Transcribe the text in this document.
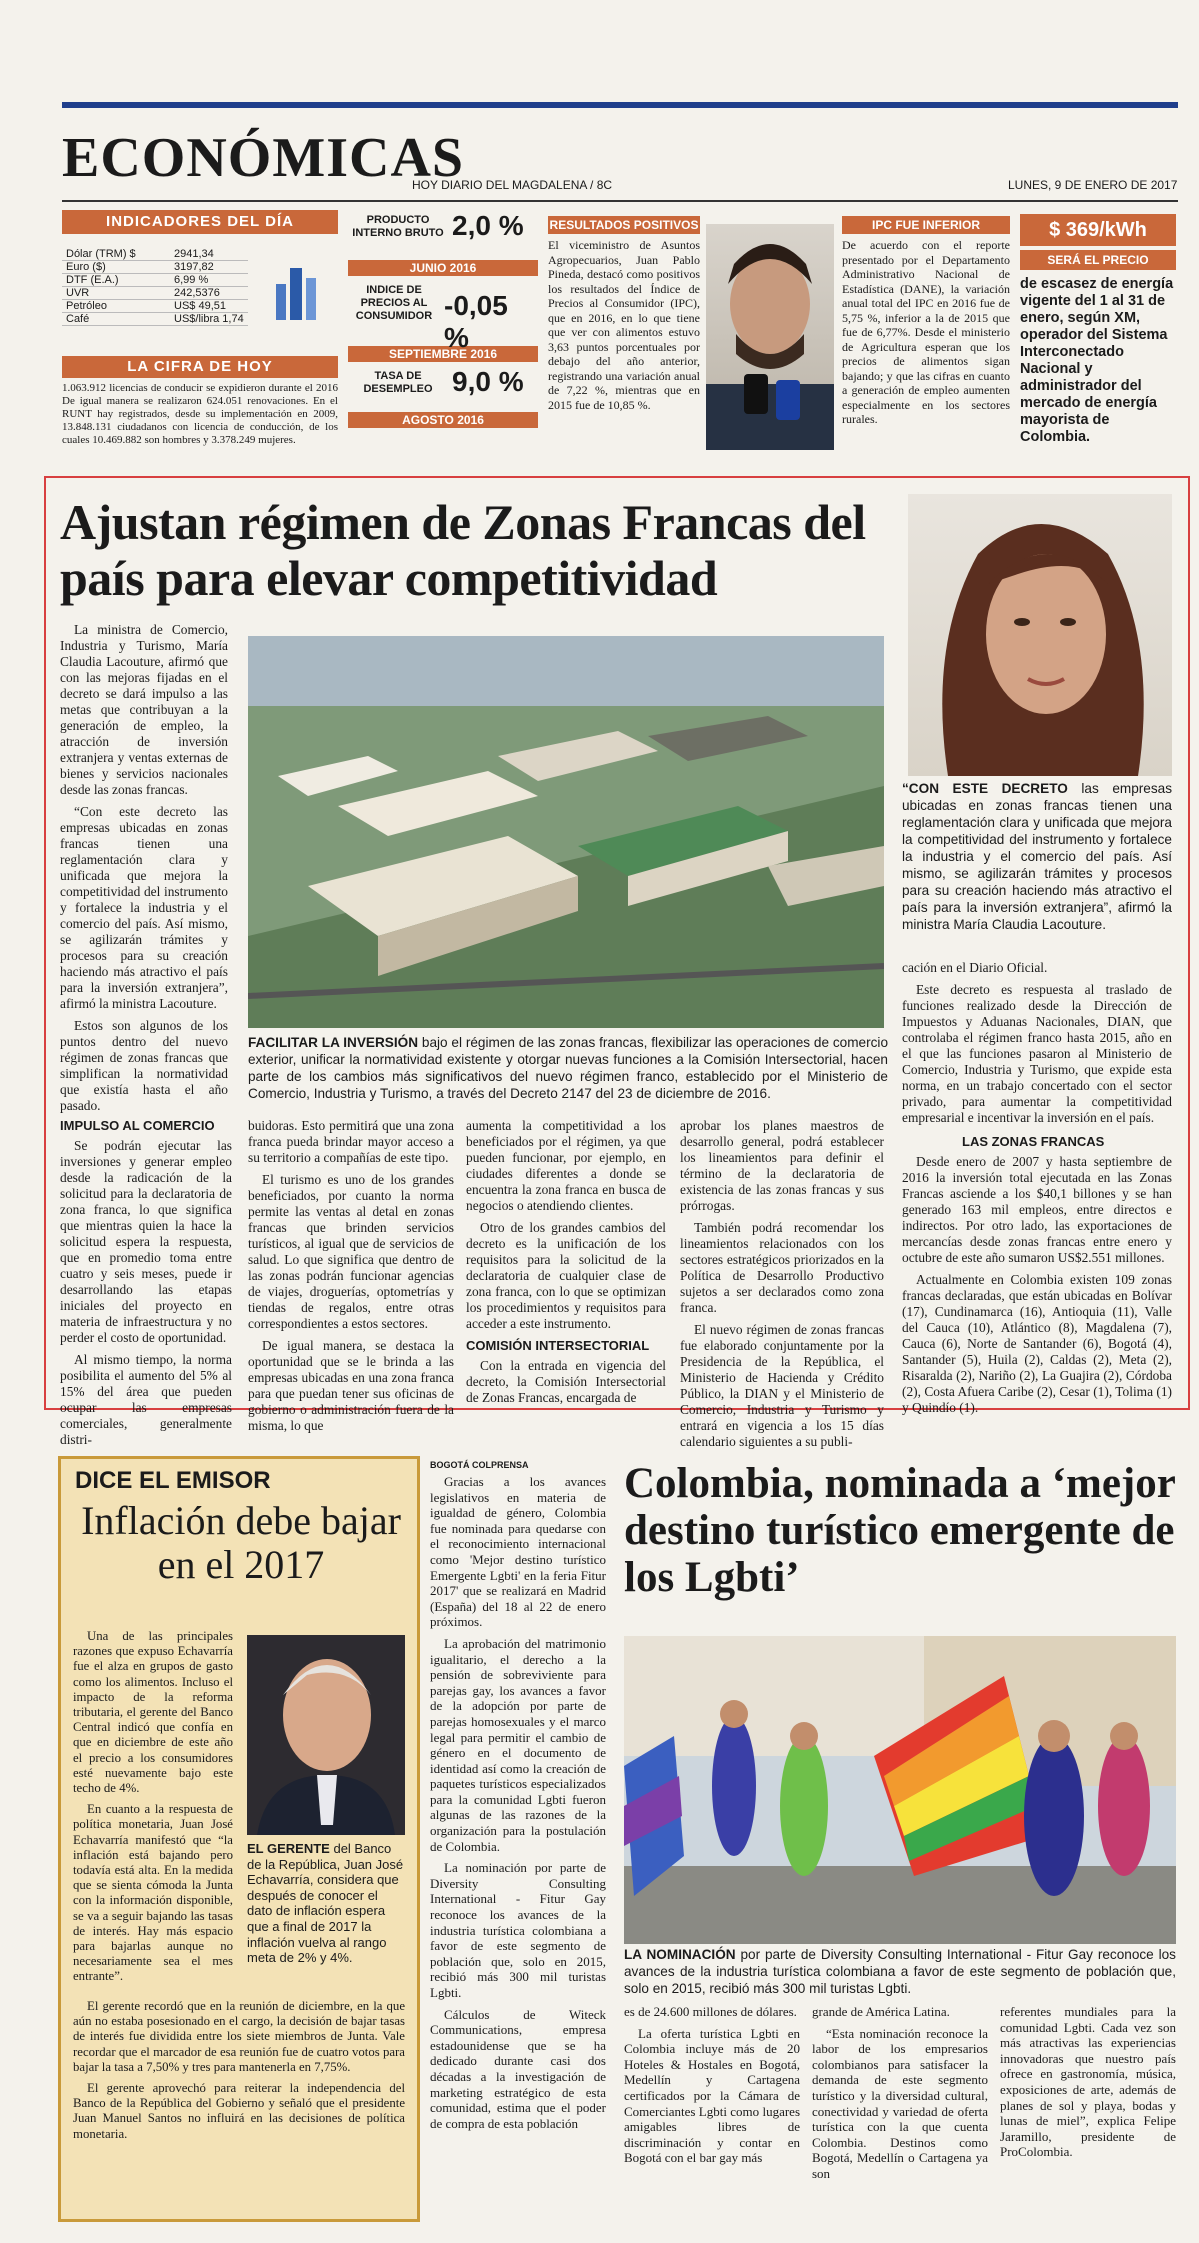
ECONÓMICAS
HOY DIARIO DEL MAGDALENA / 8C	LUNES, 9 DE ENERO DE 2017
INDICADORES DEL DÍA
Dólar (TRM) $	2941,34
Euro ($)	3197,82
DTF (E.A.)	6,99 %
UVR	242,5376
Petróleo	US$ 49,51
Café	US$/libra 1,74
LA CIFRA DE HOY
1.063.912 licencias de conducir se expidieron durante el 2016 De igual manera se realizaron 624.051 renovaciones. En el RUNT hay registrados, desde su implementación en 2009, 13.848.131 ciudadanos con licencia de conducción, de los cuales 10.469.882 son hombres y 3.378.249 mujeres.
PRODUCTO INTERNO BRUTO 2,0 %
JUNIO 2016
INDICE DE PRECIOS AL CONSUMIDOR -0,05 %
SEPTIEMBRE 2016
TASA DE DESEMPLEO 9,0 %
AGOSTO 2016
RESULTADOS POSITIVOS
El viceministro de Asuntos Agropecuarios, Juan Pablo Pineda, destacó como positivos los resultados del Índice de Precios al Consumidor (IPC), que en 2016, en lo que tiene que ver con alimentos estuvo 3,63 puntos porcentuales por debajo del año anterior, registrando una variación anual de 7,22 %, mientras que en 2015 fue de 10,85 %.
IPC FUE INFERIOR
De acuerdo con el reporte presentado por el Departamento Administrativo Nacional de Estadística (DANE), la variación anual total del IPC en 2016 fue de 5,75 %, inferior a la de 2015 que fue de 6,77%. Desde el ministerio de Agricultura esperan que los precios de alimentos sigan bajando; y que las cifras en cuanto a generación de empleo aumenten especialmente en los sectores rurales.
$ 369/kWh
SERÁ EL PRECIO
de escasez de energía vigente del 1 al 31 de enero, según XM, operador del Sistema Interconectado Nacional y administrador del mercado de energía mayorista de Colombia.
Ajustan régimen de Zonas Francas del país para elevar competitividad

La ministra de Comercio, Industria y Turismo, María Claudia Lacouture, afirmó que con las mejoras fijadas en el decreto se dará impulso a las metas que contribuyan a la generación de empleo, la atracción de inversión extranjera y ventas externas de bienes y servicios nacionales desde las zonas francas.

“Con este decreto las empresas ubicadas en zonas francas tienen una reglamentación clara y unificada que mejora la competitividad del instrumento y fortalece la industria y el comercio del país. Así mismo, se agilizarán trámites y procesos para su creación haciendo más atractivo el país para la inversión extranjera”, afirmó la ministra Lacouture.

Estos son algunos de los puntos dentro del nuevo régimen de zonas francas que simplifican la normatividad que existía hasta el año pasado.

FACILITAR LA INVERSIÓN bajo el régimen de las zonas francas, flexibilizar las operaciones de comercio exterior, unificar la normatividad existente y otorgar nuevas funciones a la Comisión Intersectorial, hacen parte de los cambios más significativos del nuevo régimen franco, establecido por el Ministerio de Comercio, Industria y Turismo, a través del Decreto 2147 del 23 de diciembre de 2016.
“CON ESTE DECRETO las empresas ubicadas en zonas francas tienen una reglamentación clara y unificada que mejora la competitividad del instrumento y fortalece la industria y el comercio del país. Así mismo, se agilizarán trámites y procesos para su creación haciendo más atractivo el país para la inversión extranjera”, afirmó la ministra María Claudia Lacouture.
IMPULSO AL COMERCIO

Se podrán ejecutar las inversiones y generar empleo desde la radicación de la solicitud para la declaratoria de zona franca, lo que significa que mientras quien la hace la solicitud espera la respuesta, que en promedio toma entre cuatro y seis meses, puede ir desarrollando las etapas iniciales del proyecto en materia de infraestructura y no perder el costo de oportunidad.

Al mismo tiempo, la norma posibilita el aumento del 5% al 15% del área que pueden ocupar las empresas comerciales, generalmente distri-

buidoras. Esto permitirá que una zona franca pueda brindar mayor acceso a su territorio a compañías de este tipo.

El turismo es uno de los grandes beneficiados, por cuanto la norma permite las ventas al detal en zonas francas que brinden servicios turísticos, al igual que de servicios de salud. Lo que significa que dentro de las zonas podrán funcionar agencias de viajes, droguerías, optometrías y tiendas de regalos, entre otras correspondientes a estos sectores.

De igual manera, se destaca la oportunidad que se le brinda a las empresas ubicadas en una zona franca para que puedan tener sus oficinas de gobierno o administración fuera de la misma, lo que

aumenta la competitividad a los beneficiados por el régimen, ya que pueden funcionar, por ejemplo, en ciudades diferentes a donde se encuentra la zona franca en busca de negocios o atendiendo clientes.

Otro de los grandes cambios del decreto es la unificación de los requisitos para la solicitud de la declaratoria de cualquier clase de zona franca, con lo que se optimizan los procedimientos y requisitos para acceder a este instrumento.

COMISIÓN INTERSECTORIAL

Con la entrada en vigencia del decreto, la Comisión Intersectorial de Zonas Francas, encargada de

aprobar los planes maestros de desarrollo general, podrá establecer los lineamientos para definir el término de la declaratoria de existencia de las zonas francas y sus prórrogas.

También podrá recomendar los lineamientos relacionados con los sectores estratégicos priorizados en la Política de Desarrollo Productivo sujetos a ser declarados como zona franca.

El nuevo régimen de zonas francas fue elaborado conjuntamente por la Presidencia de la República, el Ministerio de Hacienda y Crédito Público, la DIAN y el Ministerio de Comercio, Industria y Turismo y entrará en vigencia a los 15 días calendario siguientes a su publi-

cación en el Diario Oficial.

Este decreto es respuesta al traslado de funciones realizado desde la Dirección de Impuestos y Aduanas Nacionales, DIAN, que controlaba el régimen franco hasta 2015, año en el que las funciones pasaron al Ministerio de Comercio, Industria y Turismo, que expide esta norma, en un trabajo concertado con el sector privado, para aumentar la competitividad empresarial e incentivar la inversión en el país.

LAS ZONAS FRANCAS

Desde enero de 2007 y hasta septiembre de 2016 la inversión total ejecutada en las Zonas Francas asciende a los $40,1 billones y se han generado 163 mil empleos, entre directos e indirectos. Por otro lado, las exportaciones de mercancías desde zonas francas entre enero y octubre de este año sumaron US$2.551 millones.

Actualmente en Colombia existen 109 zonas francas declaradas, que están ubicadas en Bolívar (17), Cundinamarca (16), Antioquia (11), Valle del Cauca (10), Atlántico (8), Magdalena (7), Cauca (6), Norte de Santander (6), Bogotá (4), Santander (5), Huila (2), Caldas (2), Meta (2), Risaralda (2), Nariño (2), La Guajira (2), Córdoba (2), Costa Afuera Caribe (2), Cesar (1), Tolima (1) y Quindío (1).

DICE EL EMISOR
Inflación debe bajar en el 2017

Una de las principales razones que expuso Echavarría fue el alza en grupos de gasto como los alimentos. Incluso el impacto de la reforma tributaria, el gerente del Banco Central indicó que confía en que en diciembre de este año el precio a los consumidores esté nuevamente bajo este techo de 4%.

En cuanto a la respuesta de política monetaria, Juan José Echavarría manifestó que “la inflación está bajando pero todavía está alta. En la medida que se sienta cómoda la Junta con la información disponible, se va a seguir bajando las tasas de interés. Hay más espacio para bajarlas aunque no necesariamente sea el mes entrante”.

EL GERENTE del Banco de la República, Juan José Echavarría, considera que después de conocer el dato de inflación espera que a final de 2017 la inflación vuelva al rango meta de 2% y 4%.

El gerente recordó que en la reunión de diciembre, en la que aún no estaba posesionado en el cargo, la decisión de bajar tasas de interés fue dividida entre los siete miembros de Junta. Vale recordar que el marcador de esa reunión fue de cuatro votos para bajar la tasa a 7,50% y tres para mantenerla en 7,75%.

El gerente aprovechó para reiterar la independencia del Banco de la República del Gobierno y señaló que el presidente Juan Manuel Santos no influirá en las decisiones de política monetaria.

BOGOTÁ COLPRENSA

Gracias a los avances legislativos en materia de igualdad de género, Colombia fue nominada para quedarse con el reconocimiento internacional como 'Mejor destino turístico Emergente Lgbti' en la feria Fitur 2017' que se realizará en Madrid (España) del 18 al 22 de enero próximos.

La aprobación del matrimonio igualitario, el derecho a la pensión de sobreviviente para parejas gay, los avances a favor de la adopción por parte de parejas homosexuales y el marco legal para permitir el cambio de género en el documento de identidad así como la creación de paquetes turísticos especializados para la comunidad Lgbti fueron algunas de las razones de la organización para la postulación de Colombia.

La nominación por parte de Diversity Consulting International - Fitur Gay reconoce los avances de la industria turística colombiana a favor de este segmento de población que, solo en 2015, recibió más 300 mil turistas Lgbti.

Cálculos de Witeck Communications, empresa estadounidense que se ha dedicado durante casi dos décadas a la investigación de marketing estratégico de esta comunidad, estima que el poder de compra de esta población

Colombia, nominada a ‘mejor destino turístico emergente de los Lgbti’
LA NOMINACIÓN por parte de Diversity Consulting International - Fitur Gay reconoce los avances de la industria turística colombiana a favor de este segmento de población que, solo en 2015, recibió más 300 mil turistas Lgbti.

es de 24.600 millones de dólares.

La oferta turística Lgbti en Colombia incluye más de 20 Hoteles & Hostales en Bogotá, Medellín y Cartagena certificados por la Cámara de Comerciantes Lgbti como lugares amigables libres de discriminación y contar en Bogotá con el bar gay más

grande de América Latina.

“Esta nominación reconoce la labor de los empresarios colombianos para satisfacer la demanda de este segmento turístico y la diversidad cultural, conectividad y variedad de oferta turística con la que cuenta Colombia. Destinos como Bogotá, Medellín o Cartagena ya son

referentes mundiales para la comunidad Lgbti. Cada vez son más atractivas las experiencias innovadoras que nuestro país ofrece en gastronomía, música, exposiciones de arte, además de planes de sol y playa, bodas y lunas de miel”, explica Felipe Jaramillo, presidente de ProColombia.
